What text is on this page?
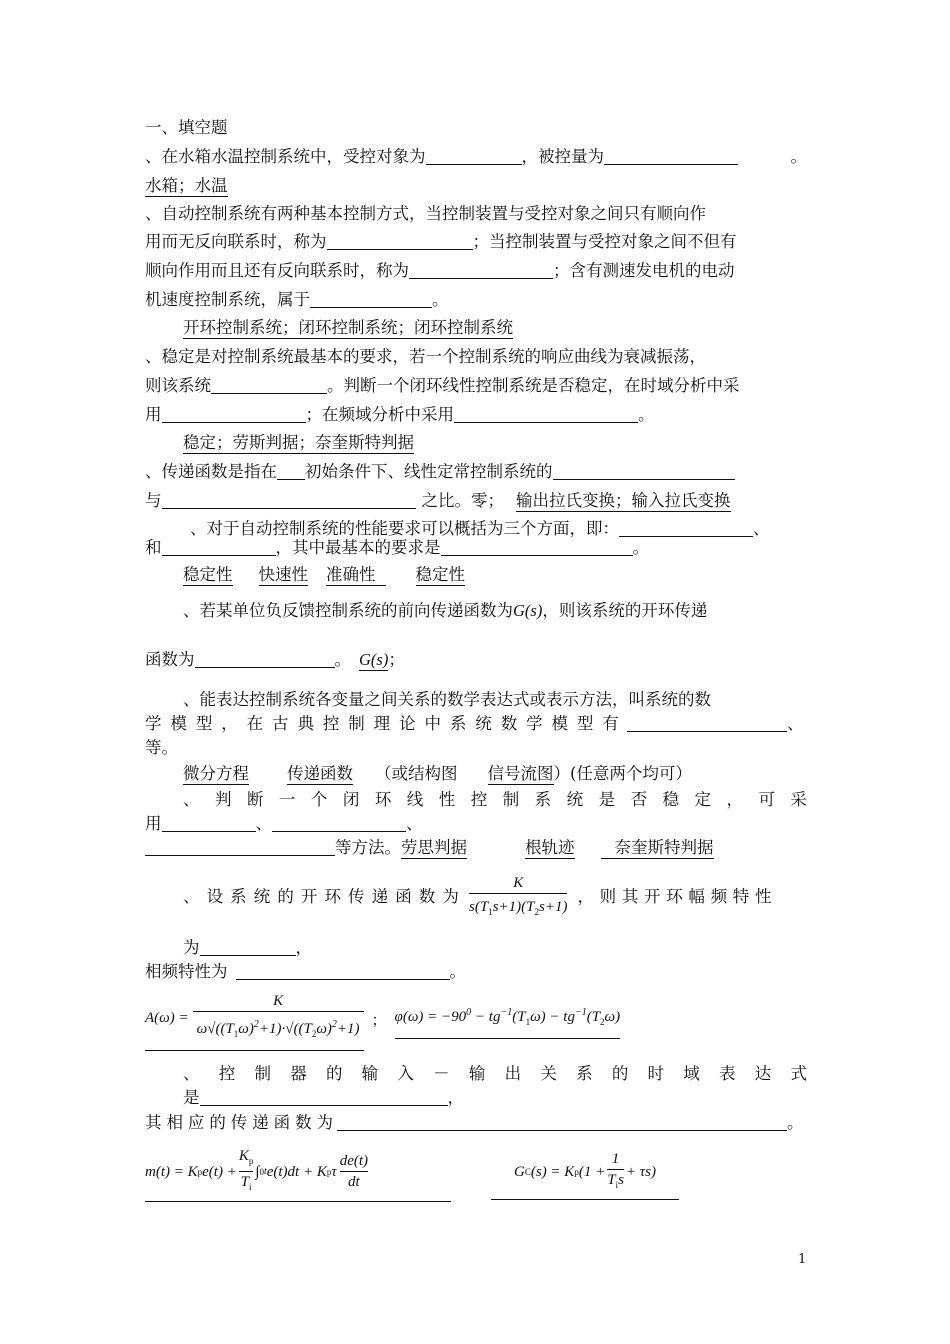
一、填空题
、在水箱水温控制系统中，受控对象为	，被控量为	。
水箱；水温
、自动控制系统有两种基本控制方式，当控制装置与受控对象之间只有顺向作
用而无反向联系时，称为	；当控制装置与受控对象之间不但有
顺向作用而且还有反向联系时，称为	；含有测速发电机的电动
机速度控制系统，属于	。
开环控制系统；闭环控制系统；闭环控制系统
、稳定是对控制系统最基本的要求，若一个控制系统的响应曲线为衰减振荡，
则该系统	。判断一个闭环线性控制系统是否稳定，在时域分析中采
用	；在频域分析中采用	。
稳定；劳斯判据；奈奎斯特判据
、传递函数是指在 初始条件下、线性定常控制系统的
与	之比。零； 输出拉氏变换；输入拉氏变换
、对于自动控制系统的性能要求可以概括为三个方面，即：	、
和	，其中最基本的要求是	。
稳定性 快速性 准确性 稳定性
、若某单位负反馈控制系统的前向传递函数为G(s)，则该系统的开环传递
函数为	。 G(s)；
、能表达控制系统各变量之间关系的数学表达式或表示方法，叫系统的数
学 模 型 ， 在 古 典 控 制 理 论 中 系 统 数 学 模 型 有	、
等。
微分方程 传递函数 （或结构图 信号流图）(任意两个均可）
、 判 断 一 个 闭 环 线 性 控 制 系 统 是 否 稳 定 ， 可 采
用	、	、
等方法。劳思判据	根轨迹 奈奎斯特判据
、 设 系 统 的 开 环 传 递 函 数 为 $\frac{K}{s(T_1s+1)(T_2s+1)}$ ， 则 其 开 环 幅 频 特 性
为	，
相频特性为	。
$A(\omega) = \frac{K}{\omega√((T_1\omega)^2+1)\cdot√((T_2\omega)^2+1)}$ ； $\varphi(\omega) = -90^0 - tg^{-1}(T_1\omega) - tg^{-1}(T_2\omega)$
、 控 制 器 的 输 入 － 输 出 关 系 的 时 域 表 达 式
是	，
其 相 应 的 传 递 函 数 为	。
m(t) = K p $e(t) + \frac{K_p}{T_i}$ ∫ 0 t e(t)dt + K p τ $\frac{de(t)}{dt}$	G C (s) = K p $(1 + \frac{1}{T_is} + \tau s)$
1
